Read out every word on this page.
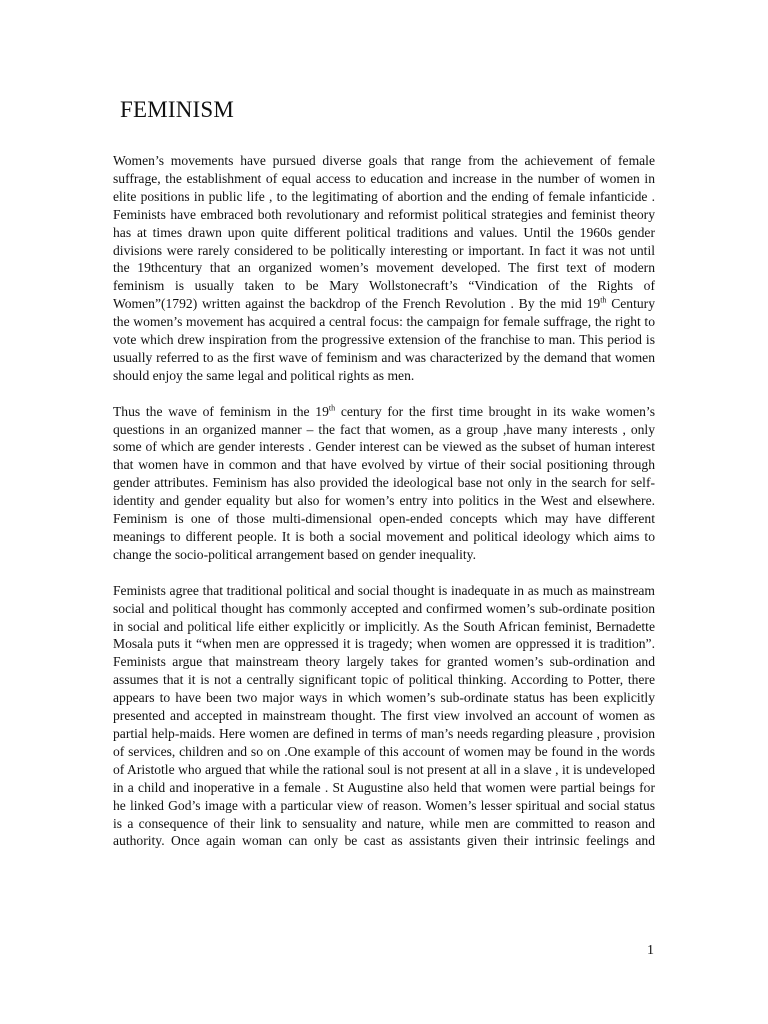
FEMINISM

Women’s movements have pursued diverse goals that range from the achievement of female suffrage, the establishment of equal access to education and increase in the number of women in elite positions in public life , to the legitimating of abortion and the ending of female infanticide . Feminists have embraced both revolutionary and reformist political strategies and feminist theory has at times drawn upon quite different political traditions and values. Until the 1960s gender divisions were rarely considered to be politically interesting or important. In fact it was not until the 19thcentury that an organized women’s movement developed. The first text of modern feminism is usually taken to be Mary Wollstonecraft’s “Vindication of the Rights of Women”(1792) written against the backdrop of the French Revolution . By the mid 19th Century the women’s movement has acquired a central focus: the campaign for female suffrage, the right to vote which drew inspiration from the progressive extension of the franchise to man. This period is usually referred to as the first wave of feminism and was characterized by the demand that women should enjoy the same legal and political rights as men.

Thus the wave of feminism in the 19th century for the first time brought in its wake women’s questions in an organized manner – the fact that women, as a group ,have many interests , only some of which are gender interests . Gender interest can be viewed as the subset of human interest that women have in common and that have evolved by virtue of their social positioning through gender attributes. Feminism has also provided the ideological base not only in the search for self-identity and gender equality but also for women’s entry into politics in the West and elsewhere. Feminism is one of those multi-dimensional open-ended concepts which may have different meanings to different people. It is both a social movement and political ideology which aims to change the socio-political arrangement based on gender inequality.

Feminists agree that traditional political and social thought is inadequate in as much as mainstream social and political thought has commonly accepted and confirmed women’s sub-ordinate position in social and political life either explicitly or implicitly. As the South African feminist, Bernadette Mosala puts it “when men are oppressed it is tragedy; when women are oppressed it is tradition”. Feminists argue that mainstream theory largely takes for granted women’s sub-ordination and assumes that it is not a centrally significant topic of political thinking. According to Potter, there appears to have been two major ways in which women’s sub-ordinate status has been explicitly presented and accepted in mainstream thought. The first view involved an account of women as partial help-maids. Here women are defined in terms of man’s needs regarding pleasure , provision of services, children and so on .One example of this account of women may be found in the words of Aristotle who argued that while the rational soul is not present at all in a slave , it is undeveloped in a child and inoperative in a female . St Augustine also held that women were partial beings for he linked God’s image with a particular view of reason. Women’s lesser spiritual and social status is a consequence of their link to sensuality and nature, while men are committed to reason and authority. Once again woman can only be cast as assistants given their intrinsic feelings and

1
